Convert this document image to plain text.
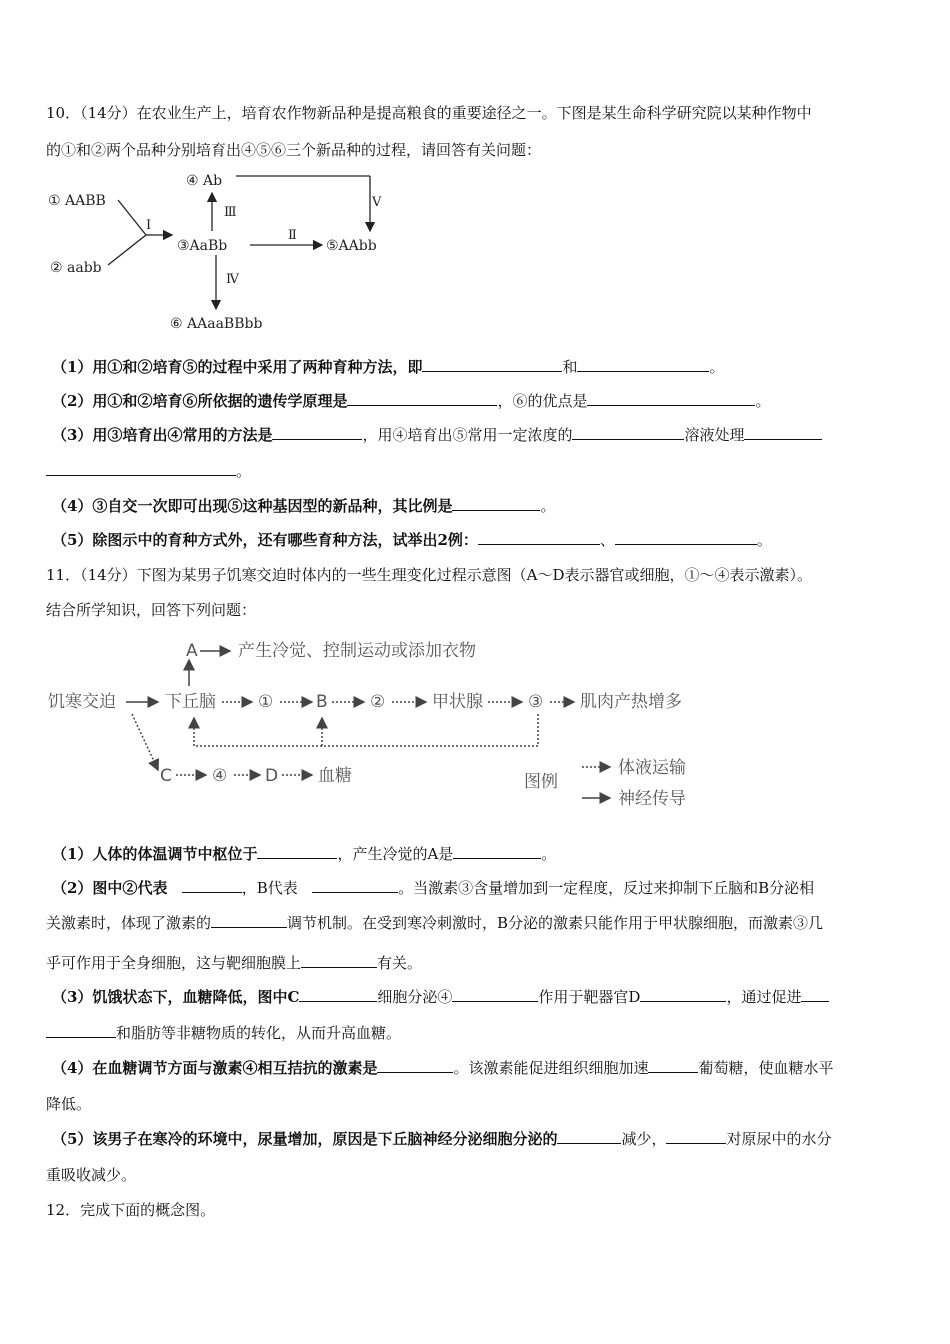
10．（14分）在农业生产上，培育农作物新品种是提高粮食的重要途径之一。下图是某生命科学研究院以某种作物中
的①和②两个品种分别培育出④⑤⑥三个新品种的过程，请回答有关问题：
① AABB
② aabb
Ⅰ
③AaBb
④ Ab
Ⅲ
Ⅴ
Ⅱ
⑤AAbb
Ⅳ
⑥ AAaaBBbb
（1）用①和②培育⑤的过程中采用了两种育种方法，即	和	。
（2）用①和②培育⑥所依据的遗传学原理是	，⑥的优点是	。
（3）用③培育出④常用的方法是	，用④培育出⑤常用一定浓度的	溶液处理
。
（4）③自交一次即可出现⑤这种基因型的新品种，其比例是	。
（5）除图示中的育种方式外，还有哪些育种方法，试举出2例：	、	。
11．（14分）下图为某男子饥寒交迫时体内的一些生理变化过程示意图（A～D表示器官或细胞，①～④表示激素）。
结合所学知识，回答下列问题：
饥寒交迫	下丘脑
A 产生冷觉、控制运动或添加衣物
①	B ②	甲状腺	③ 肌肉产热增多
C ④ D 血糖	图例
体液运输
神经传导
（1）人体的体温调节中枢位于	，产生冷觉的A是	。
（2）图中②代表	，B代表	。当激素③含量增加到一定程度，反过来抑制下丘脑和B分泌相
关激素时，体现了激素的	调节机制。在受到寒冷刺激时，B分泌的激素只能作用于甲状腺细胞，而激素③几
乎可作用于全身细胞，这与靶细胞膜上	有关。
（3）饥饿状态下，血糖降低，图中C	细胞分泌④	作用于靶器官D	，通过促进
和脂肪等非糖物质的转化，从而升高血糖。
（4）在血糖调节方面与激素④相互拮抗的激素是	。该激素能促进组织细胞加速	葡萄糖，使血糖水平
降低。
（5）该男子在寒冷的环境中，尿量增加，原因是下丘脑神经分泌细胞分泌的	减少，	对原尿中的水分
重吸收减少。
12．完成下面的概念图。
